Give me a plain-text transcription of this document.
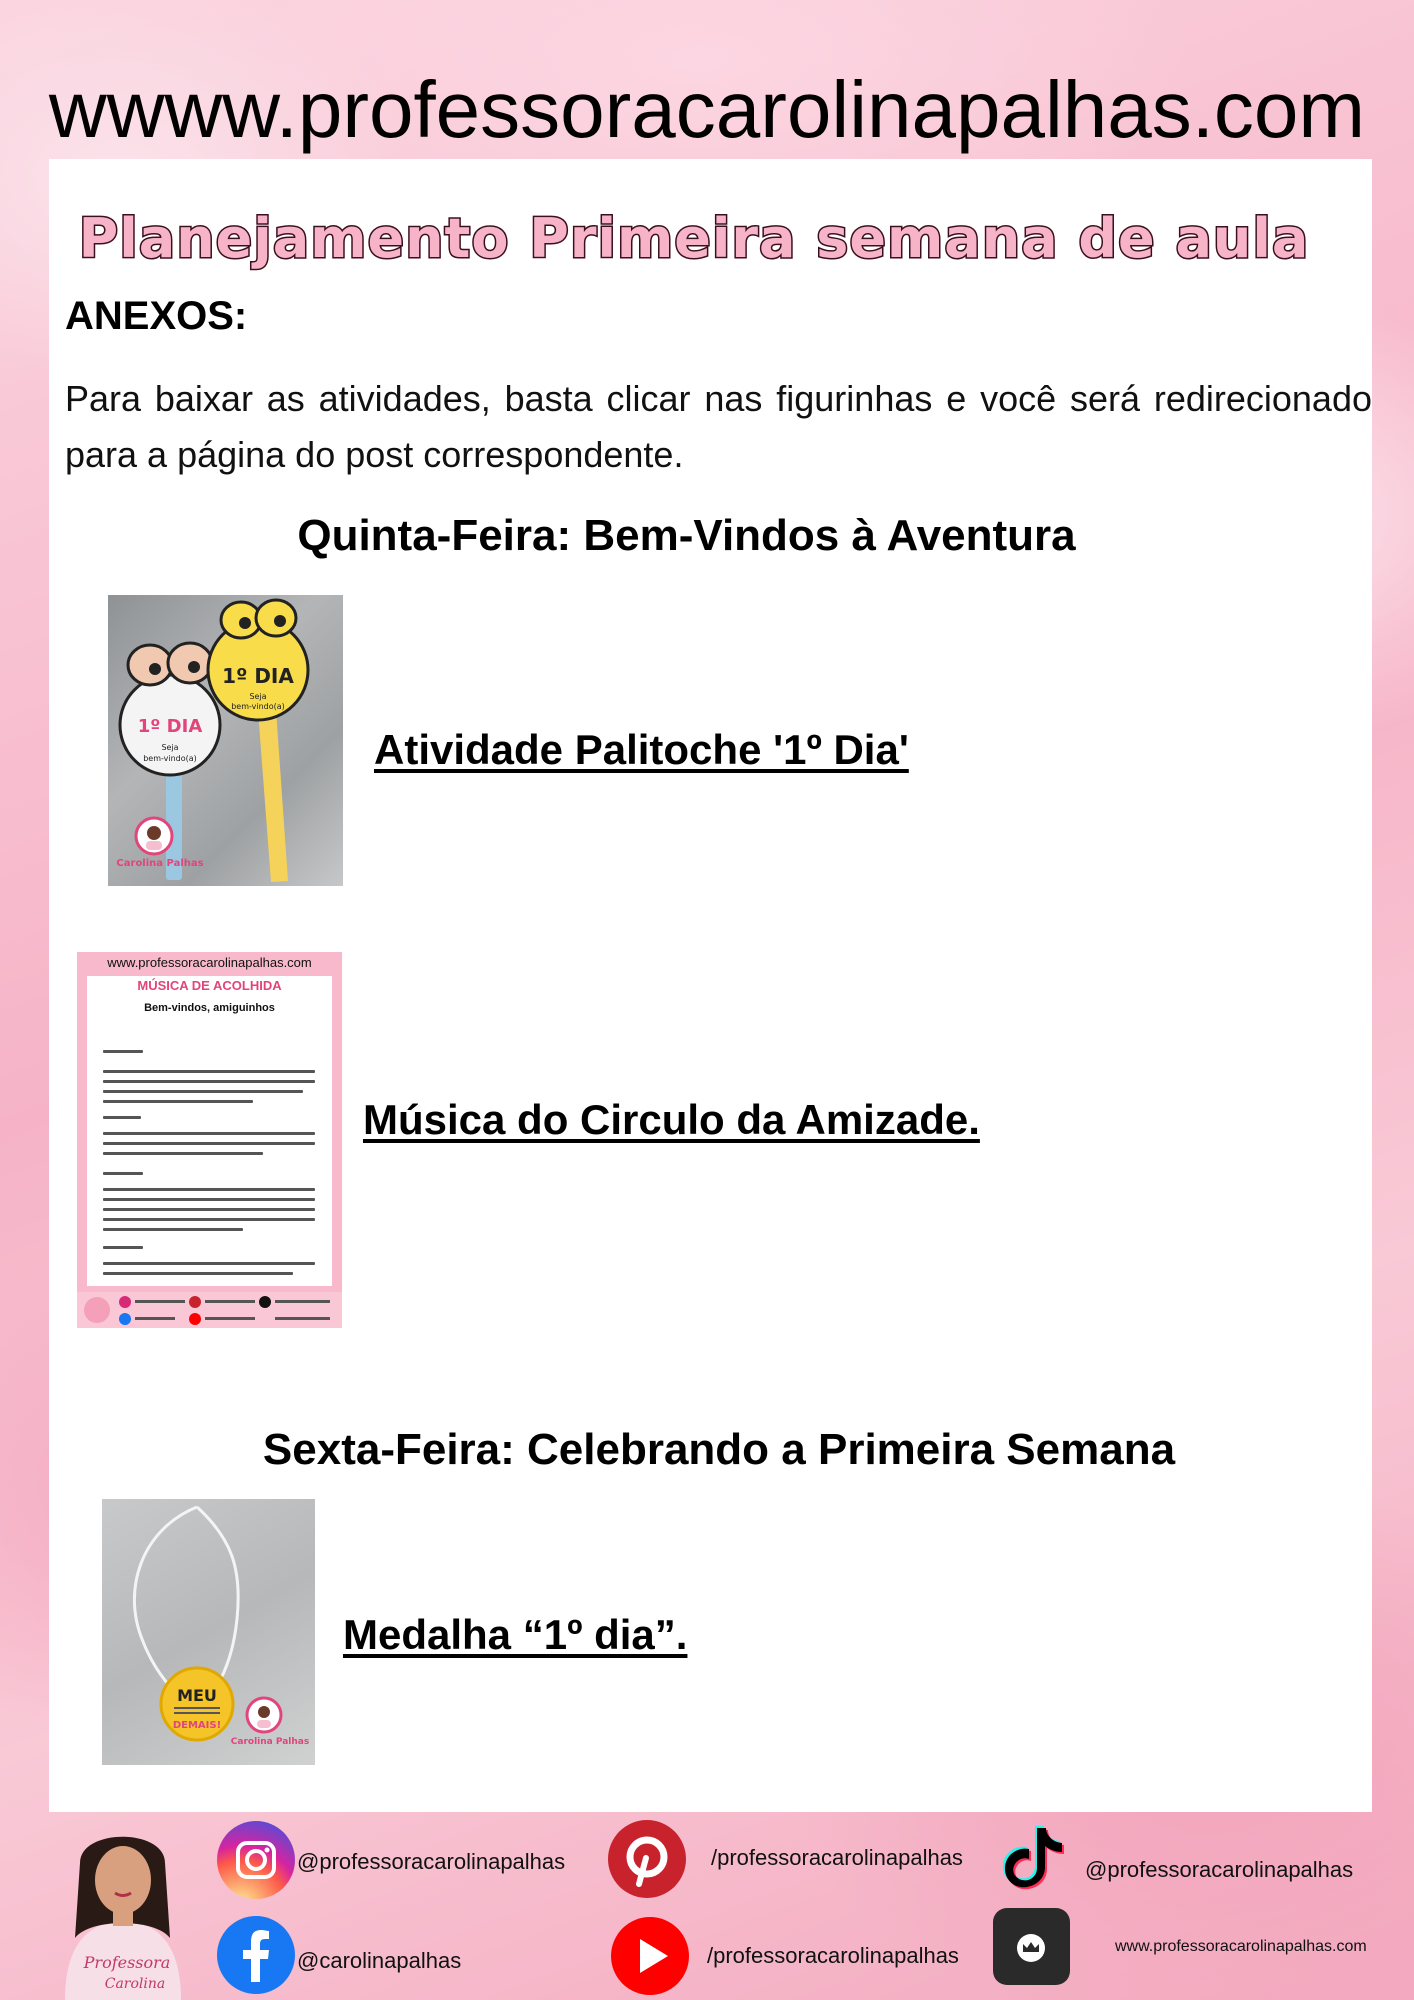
wwww.professoracarolinapalhas.com
Planejamento Primeira semana de aula
ANEXOS:
Para baixar as atividades, basta clicar nas figurinhas e você será redirecionado para a página do post correspondente.
Quinta-Feira: Bem-Vindos à Aventura
1º DIA
Seja
bem-vindo(a)
1º DIA
Seja
bem-vindo(a)
Carolina Palhas
Atividade Palitoche '1º Dia'
www.professoracarolinapalhas.com
MÚSICA DE ACOLHIDA
Bem-vindos, amiguinhos
Música do Circulo da Amizade.
Sexta-Feira: Celebrando a Primeira Semana
MEU
DEMAIS!
Carolina Palhas
Medalha “1º dia”.
Professora
Carolina
@professoracarolinapalhas
@carolinapalhas
/professoracarolinapalhas
/professoracarolinapalhas
@professoracarolinapalhas
www.professoracarolinapalhas.com
